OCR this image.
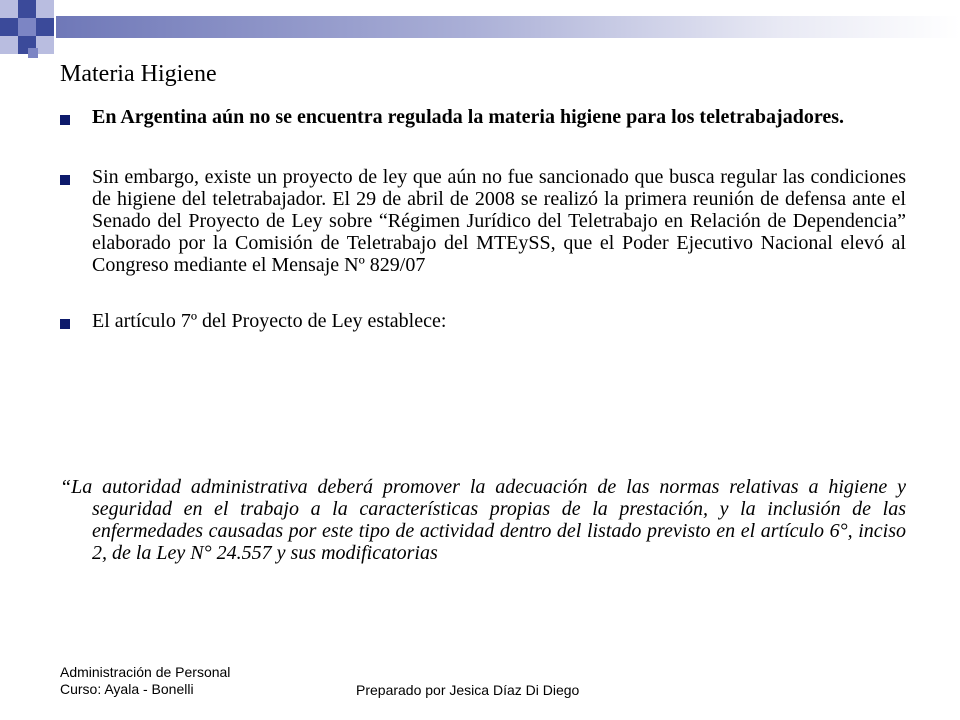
Materia Higiene
En Argentina aún no se encuentra regulada la materia higiene para los teletrabajadores.
Sin embargo, existe un proyecto de ley que aún no fue sancionado que busca regular las condiciones de higiene del teletrabajador. El 29 de abril de 2008 se realizó la primera reunión de defensa ante el Senado del Proyecto de Ley sobre “Régimen Jurídico del Teletrabajo en Relación de Dependencia” elaborado por la Comisión de Teletrabajo del MTEySS, que el Poder Ejecutivo Nacional elevó al Congreso mediante el Mensaje Nº 829/07
El artículo 7º del Proyecto de Ley establece:
“La autoridad administrativa deberá promover la adecuación de las normas relativas a higiene y seguridad en el trabajo a la características propias de la prestación, y la inclusión de las enfermedades causadas por este tipo de actividad dentro del listado previsto en el artículo 6°, inciso 2, de la Ley N° 24.557 y sus modificatorias
Administración de Personal
Curso: Ayala - Bonelli	Preparado por Jesica Díaz Di Diego
